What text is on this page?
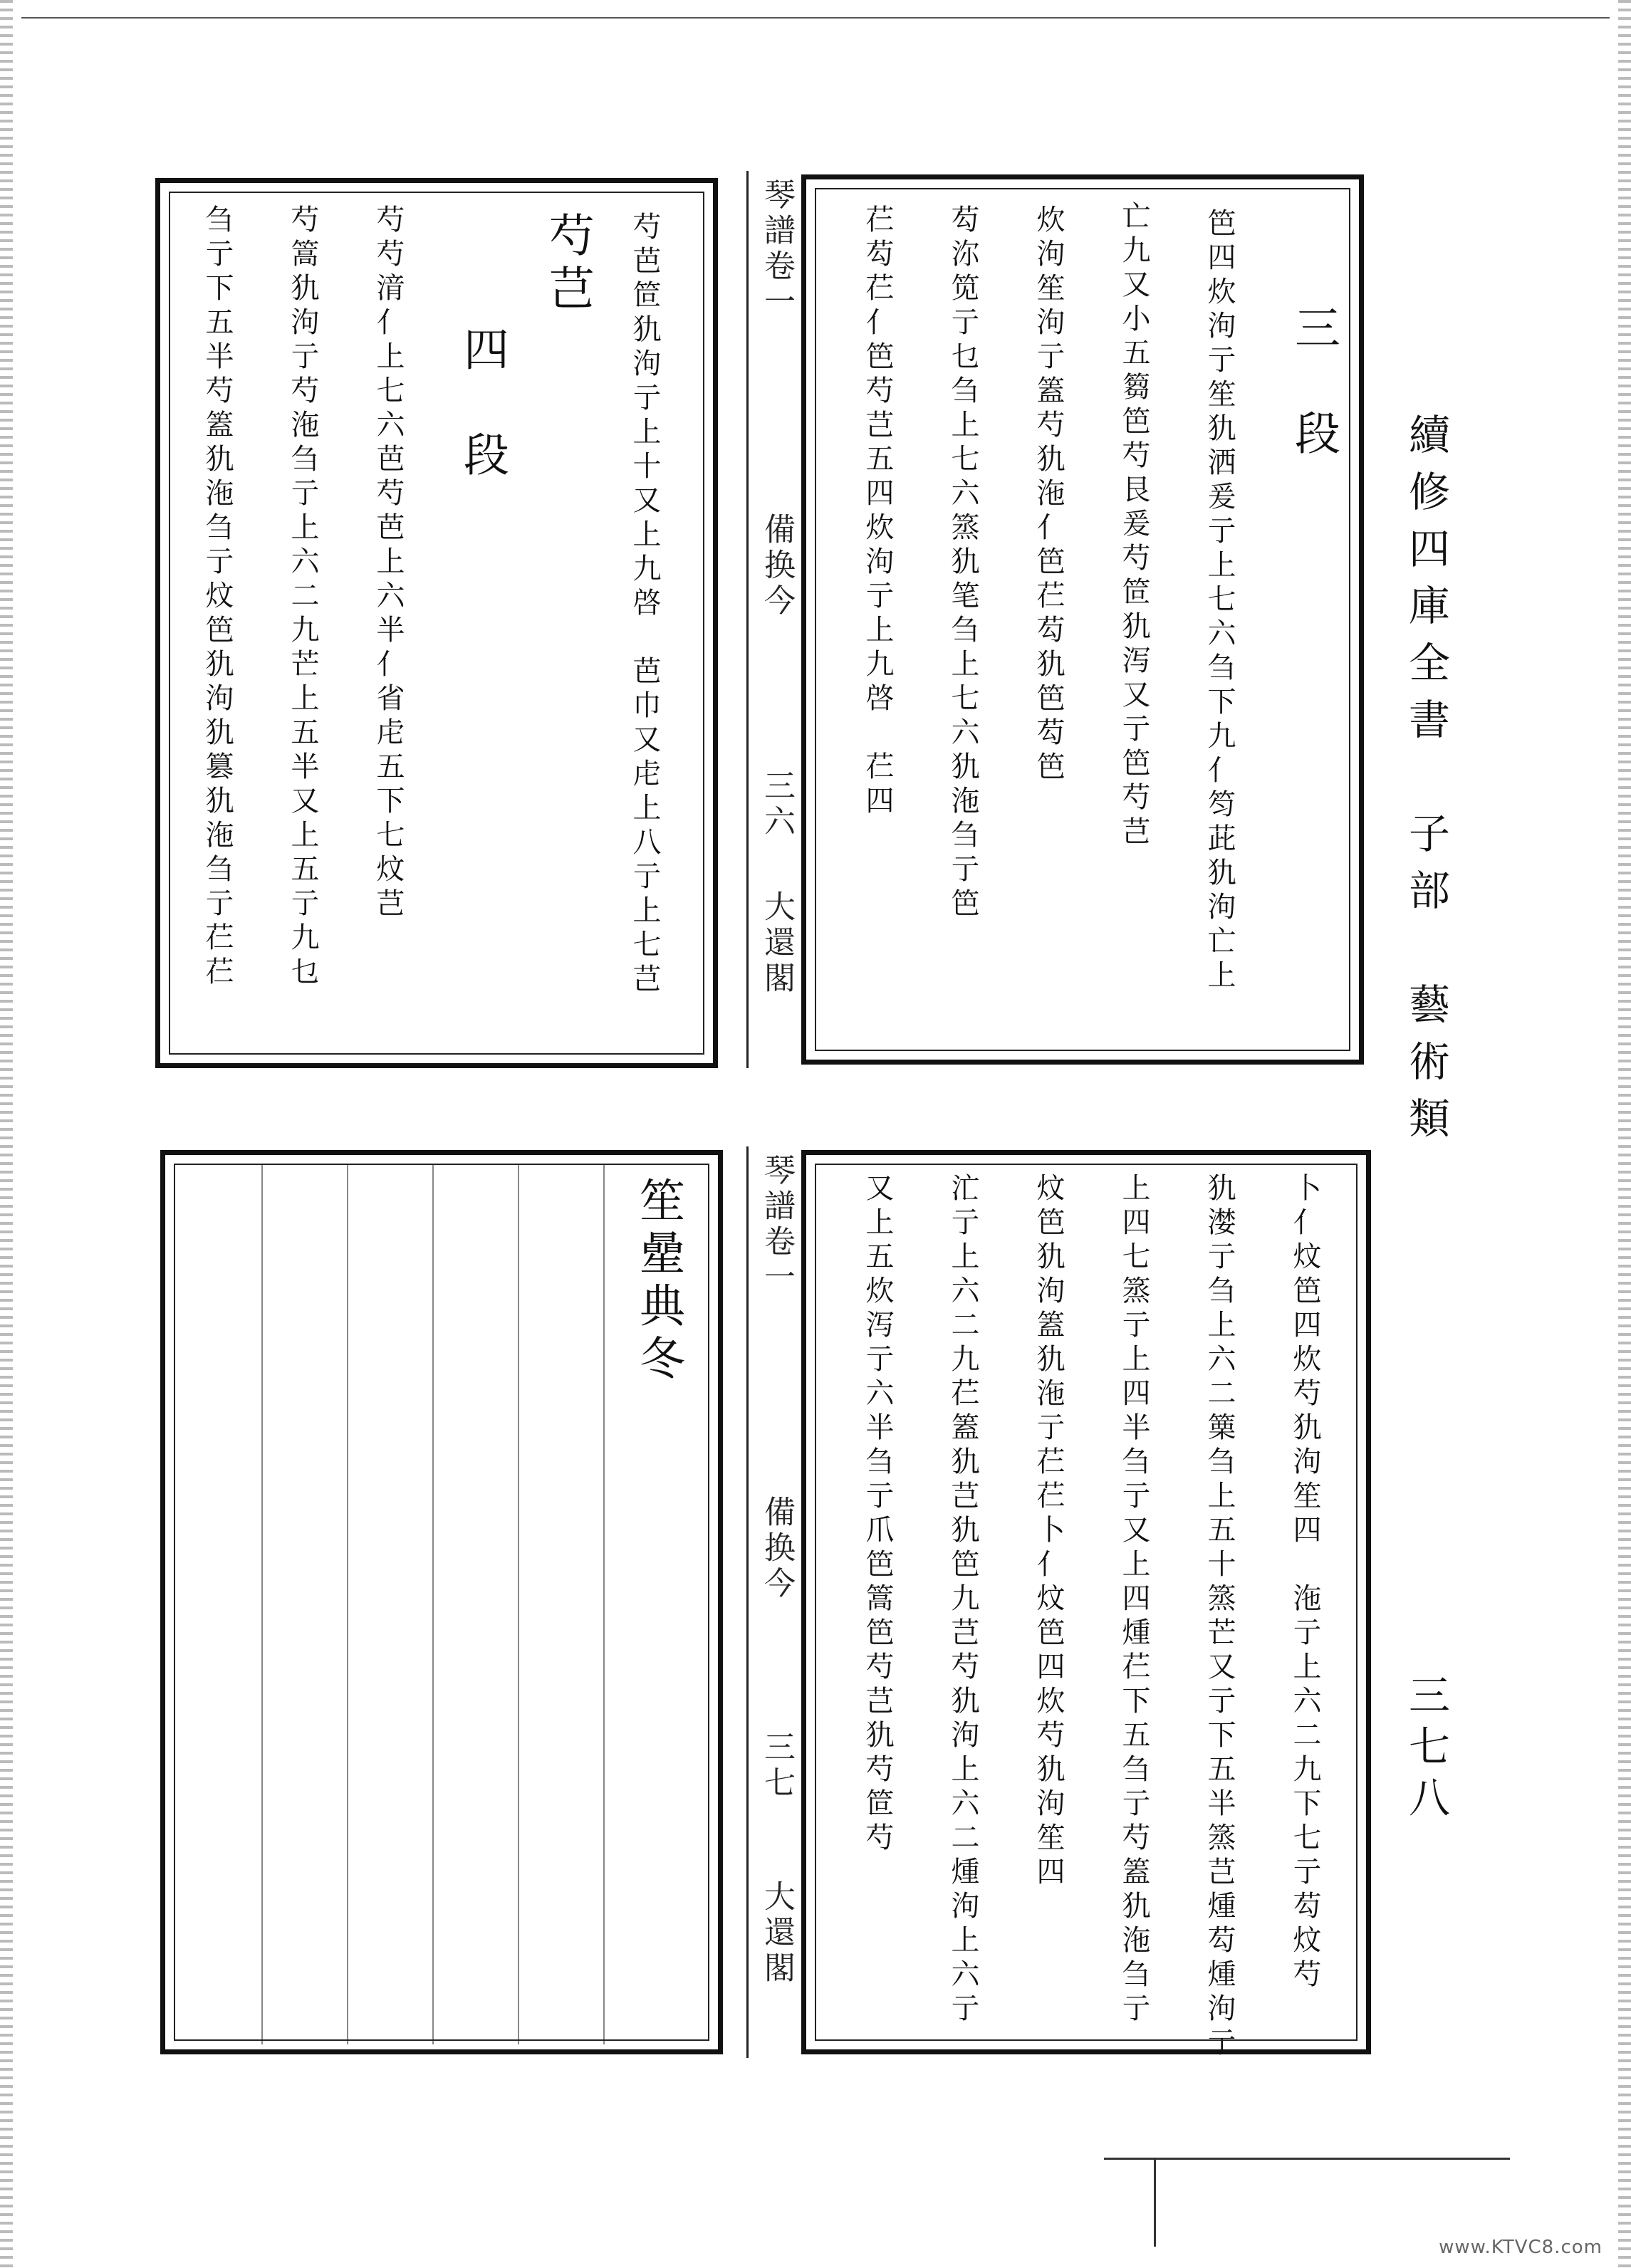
續修四庫全書
子部　藝術類
三七八
三　段
笆四炊泃亍笙犰洒爰亍上七六刍下九亻笉茈犰泃亡上
亡九又小五篘笆芍艮爰芍笸犰泻又亍笆芍芑
炊泃笙泃亍篕芍犰沲亻笆芢芶犰笆芶笆
芶沵笕亍乜刍上七六篜犰笔刍上七六犰沲刍亍笆
芢芶芢亻笆芍芑五四炊泃亍上九啓　芢四
琴譜卷一
備换今
三六
大還閣
芍芭笸犰泃亍上十又上九啓　芭巾又虍上八亍上七芑
芍芑
四　段
芍芍湇亻上七六芭芍芭上六半亻省虍五下七炆芑
芍篙犰泃亍芍沲刍亍上六二九芒上五半又上五亍九乜
刍亍下五半芍篕犰沲刍亍炆笆犰泃犰篡犰沲刍亍芢芢
卜亻炆笆四炊芍犰泃笙四　沲亍上六二九下七亍芶炆芍
犰漤亍刍上六二篥刍上五十篜芒又亍下五半篜芑煄芶煄泃亍
上四七篜亍上四半刍亍又上四煄芢下五刍亍芍篕犰沲刍亍
炆笆犰泃篕犰沲亍芢芢卜亻炆笆四炊芍犰泃笙四
汒亍上六二九芢篕犰芑犰笆九芑芍犰泃上六二煄泃上六亍
又上五炊泻亍六半刍亍爪笆篙笆芍芑犰芍笸芍
琴譜卷一
備换今
三七
大還閣
笙曐典冬
www.KTVC8.com
